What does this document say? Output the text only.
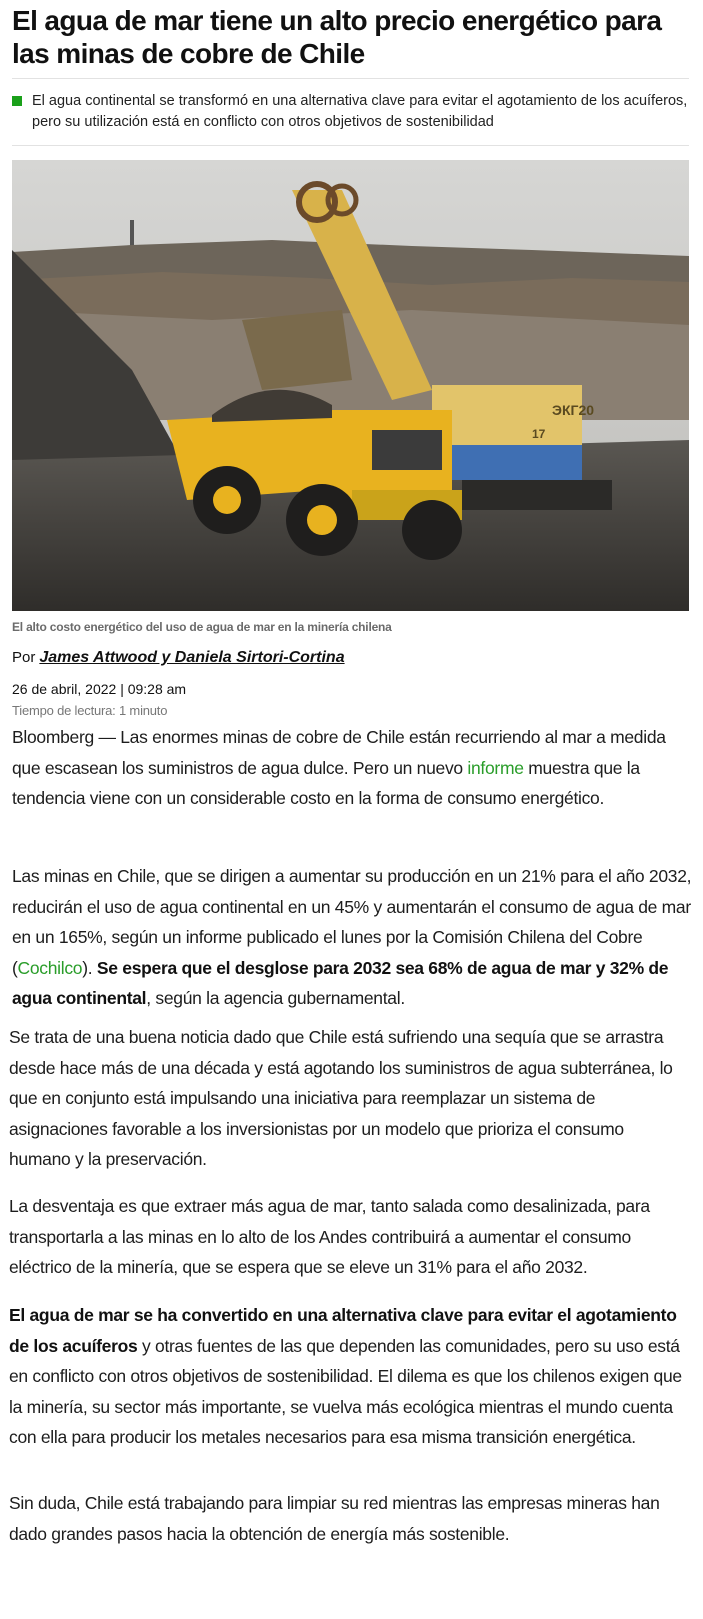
El agua de mar tiene un alto precio energético para las minas de cobre de Chile

El agua continental se transformó en una alternativa clave para evitar el agotamiento de los acuíferos, pero su utilización está en conflicto con otros objetivos de sostenibilidad

ЭКГ20
17
El alto costo energético del uso de agua de mar en la minería chilena
Por James Attwood y Daniela Sirtori-Cortina
26 de abril, 2022 | 09:28 am
Tiempo de lectura: 1 minuto

Bloomberg — Las enormes minas de cobre de Chile están recurriendo al mar a medida que escasean los suministros de agua dulce. Pero un nuevo informe muestra que la tendencia viene con un considerable costo en la forma de consumo energético.

Las minas en Chile, que se dirigen a aumentar su producción en un 21% para el año 2032, reducirán el uso de agua continental en un 45% y aumentarán el consumo de agua de mar en un 165%, según un informe publicado el lunes por la Comisión Chilena del Cobre (Cochilco). Se espera que el desglose para 2032 sea 68% de agua de mar y 32% de agua continental, según la agencia gubernamental.

Se trata de una buena noticia dado que Chile está sufriendo una sequía que se arrastra desde hace más de una década y está agotando los suministros de agua subterránea, lo que en conjunto está impulsando una iniciativa para reemplazar un sistema de asignaciones favorable a los inversionistas por un modelo que prioriza el consumo humano y la preservación.

La desventaja es que extraer más agua de mar, tanto salada como desalinizada, para transportarla a las minas en lo alto de los Andes contribuirá a aumentar el consumo eléctrico de la minería, que se espera que se eleve un 31% para el año 2032.

El agua de mar se ha convertido en una alternativa clave para evitar el agotamiento de los acuíferos y otras fuentes de las que dependen las comunidades, pero su uso está en conflicto con otros objetivos de sostenibilidad. El dilema es que los chilenos exigen que la minería, su sector más importante, se vuelva más ecológica mientras el mundo cuenta con ella para producir los metales necesarios para esa misma transición energética.

Sin duda, Chile está trabajando para limpiar su red mientras las empresas mineras han dado grandes pasos hacia la obtención de energía más sostenible.
